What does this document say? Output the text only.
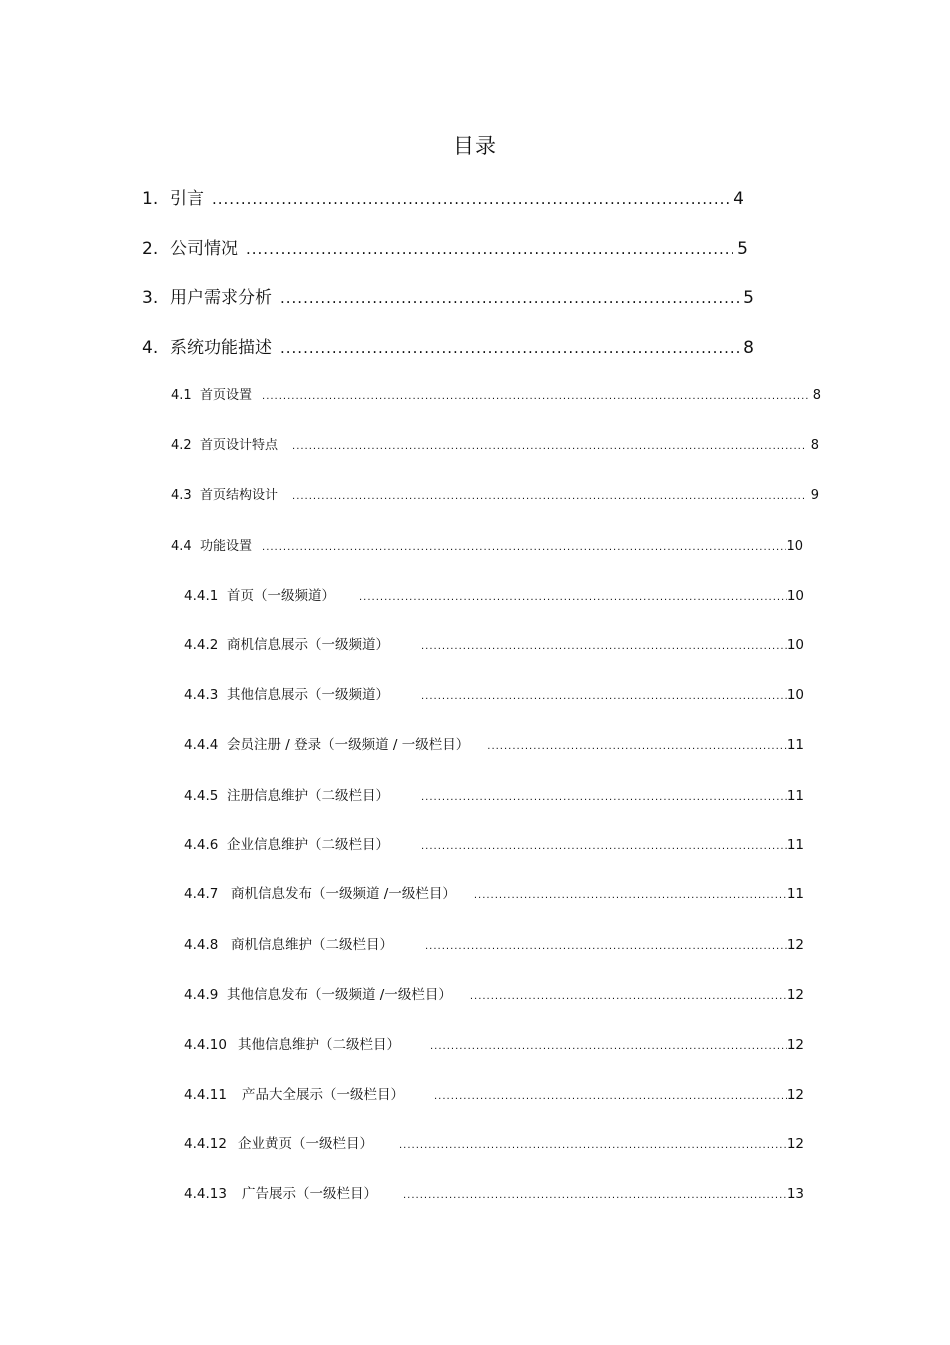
目录
1. 引言 .....	4
2. 公司情况 .....	5
3. 用户需求分析 .....	5
4. 系统功能描述 .....	8
4.1 首页设置 .....	8
4.2 首页设计特点 .....	8
4.3 首页结构设计 .....	9
4.4 功能设置 .....	10
4.4.1 首页（一级频道） .....	10
4.4.2 商机信息展示（一级频道） .....	10
4.4.3 其他信息展示（一级频道） .....	10
4.4.4 会员注册 / 登录（一级频道 / 一级栏目） .....	11
4.4.5 注册信息维护（二级栏目） .....	11
4.4.6 企业信息维护（二级栏目） .....	11
4.4.7 商机信息发布（一级频道 /一级栏目） .....	11
4.4.8 商机信息维护（二级栏目） .....	12
4.4.9 其他信息发布（一级频道 /一级栏目） .....	12
4.4.10 其他信息维护（二级栏目） .....	12
4.4.11	产品大全展示（一级栏目） .....	12
4.4.12 企业黄页（一级栏目） .....	12
4.4.13	广告展示（一级栏目） .....	13
